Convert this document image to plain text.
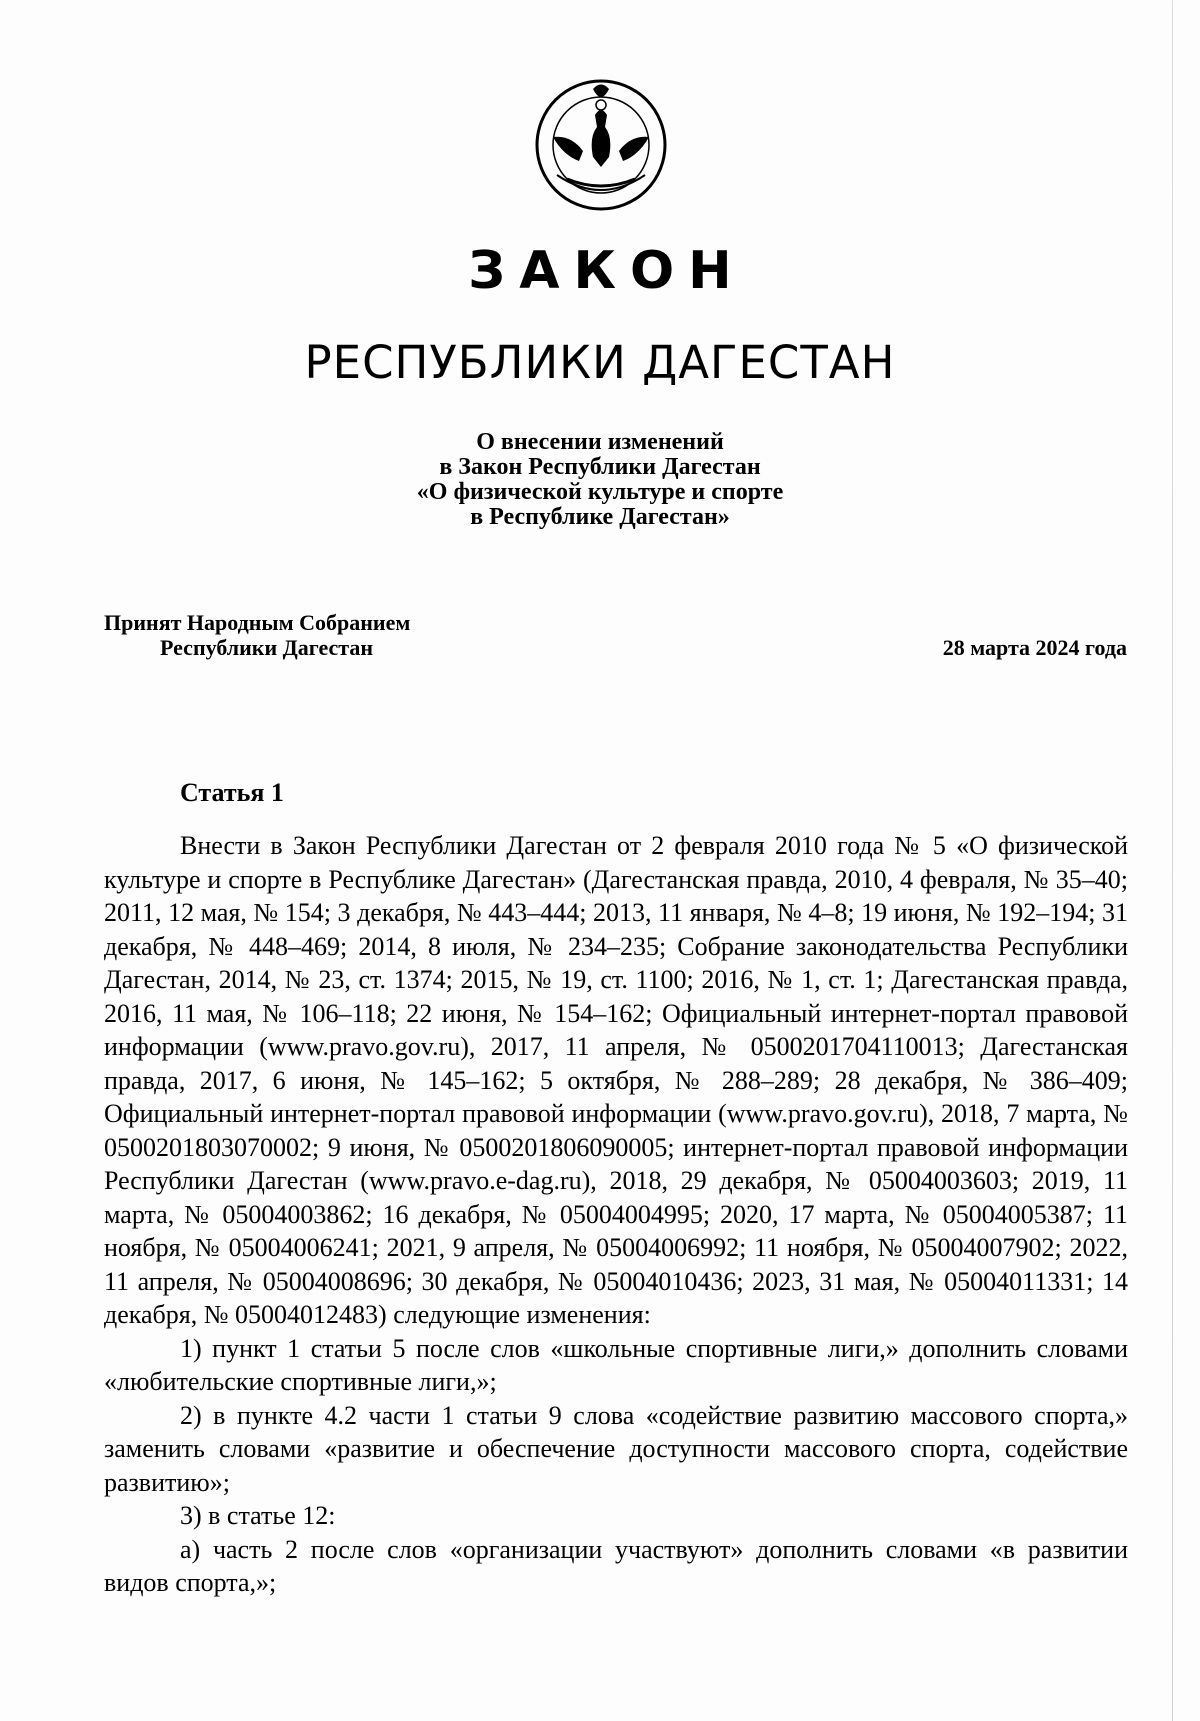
ЗАКОН
РЕСПУБЛИКИ ДАГЕСТАН
О внесении изменений
в Закон Республики Дагестан
«О физической культуре и спорте
в Республике Дагестан»
Принят Народным Собранием
Республики Дагестан	28 марта 2024 года
Статья 1

Внести в Закон Республики Дагестан от 2 февраля 2010 года № 5 «О физической культуре и спорте в Республике Дагестан» (Дагестанская правда, 2010, 4 февраля, № 35–40; 2011, 12 мая, № 154; 3 декабря, № 443–444; 2013, 11 января, № 4–8; 19 июня, № 192–194; 31 декабря, № 448–469; 2014, 8 июля, № 234–235; Собрание законодательства Республики Дагестан, 2014, № 23, ст. 1374; 2015, № 19, ст. 1100; 2016, № 1, ст. 1; Дагестанская правда, 2016, 11 мая, № 106–118; 22 июня, № 154–162; Официальный интернет-портал правовой информации (www.pravo.gov.ru), 2017, 11 апреля, № 0500201704110013; Дагестанская правда, 2017, 6 июня, № 145–162; 5 октября, № 288–289; 28 декабря, № 386–409; Официальный интернет-портал правовой информации (www.pravo.gov.ru), 2018, 7 марта, № 0500201803070002; 9 июня, № 0500201806090005; интернет-портал правовой информации Республики Дагестан (www.pravo.e-dag.ru), 2018, 29 декабря, № 05004003603; 2019, 11 марта, № 05004003862; 16 декабря, № 05004004995; 2020, 17 марта, № 05004005387; 11 ноября, № 05004006241; 2021, 9 апреля, № 05004006992; 11 ноября, № 05004007902; 2022, 11 апреля, № 05004008696; 30 декабря, № 05004010436; 2023, 31 мая, № 05004011331; 14 декабря, № 05004012483) следующие изменения:

1) пункт 1 статьи 5 после слов «школьные спортивные лиги,» дополнить словами «любительские спортивные лиги,»;

2) в пункте 4.2 части 1 статьи 9 слова «содействие развитию массового спорта,» заменить словами «развитие и обеспечение доступности массового спорта, содействие развитию»;

3) в статье 12:

а) часть 2 после слов «организации участвуют» дополнить словами «в развитии видов спорта,»;
